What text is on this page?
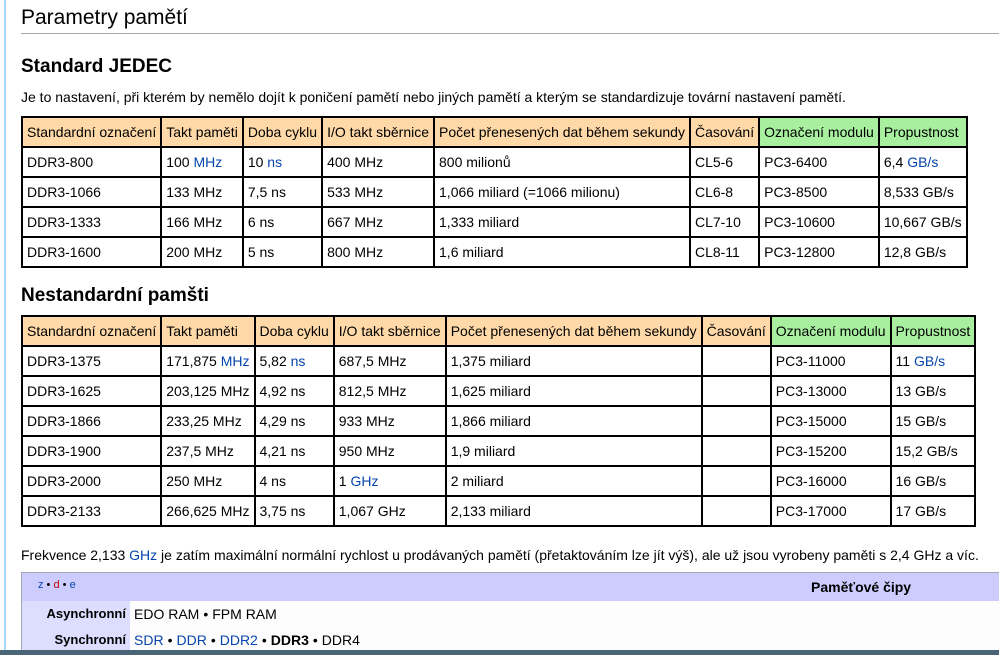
Parametry pamětí
Standard JEDEC

Je to nastavení, při kterém by nemělo dojít k poničení pamětí nebo jiných pamětí a kterým se standardizuje tovární nastavení pamětí.

Standardní označení	Takt paměti	Doba cyklu	I/O takt sběrnice	Počet přenesených dat během sekundy	Časování	Označení modulu	Propustnost
DDR3-800	100 MHz	10 ns	400 MHz	800 milionů	CL5-6	PC3-6400	6,4 GB/s
DDR3-1066	133 MHz	7,5 ns	533 MHz	1,066 miliard (=1066 milionu)	CL6-8	PC3-8500	8,533 GB/s
DDR3-1333	166 MHz	6 ns	667 MHz	1,333 miliard	CL7-10	PC3-10600	10,667 GB/s
DDR3-1600	200 MHz	5 ns	800 MHz	1,6 miliard	CL8-11	PC3-12800	12,8 GB/s
Nestandardní pamšti
Standardní označení	Takt paměti	Doba cyklu	I/O takt sběrnice	Počet přenesených dat během sekundy	Časování	Označení modulu	Propustnost
DDR3-1375	171,875 MHz	5,82 ns	687,5 MHz	1,375 miliard		PC3-11000	11 GB/s
DDR3-1625	203,125 MHz	4,92 ns	812,5 MHz	1,625 miliard		PC3-13000	13 GB/s
DDR3-1866	233,25 MHz	4,29 ns	933 MHz	1,866 miliard		PC3-15000	15 GB/s
DDR3-1900	237,5 MHz	4,21 ns	950 MHz	1,9 miliard		PC3-15200	15,2 GB/s
DDR3-2000	250 MHz	4 ns	1 GHz	2 miliard		PC3-16000	16 GB/s
DDR3-2133	266,625 MHz	3,75 ns	1,067 GHz	2,133 miliard		PC3-17000	17 GB/s

Frekvence 2,133 GHz je zatím maximální normální rychlost u prodávaných pamětí (přetaktováním lze jít výš), ale už jsou vyrobeny paměti s 2,4 GHz a víc.

z • d • e	Paměťové čipy
Asynchronní EDO RAM • FPM RAM
Synchronní SDR • DDR • DDR2 • DDR3 • DDR4
